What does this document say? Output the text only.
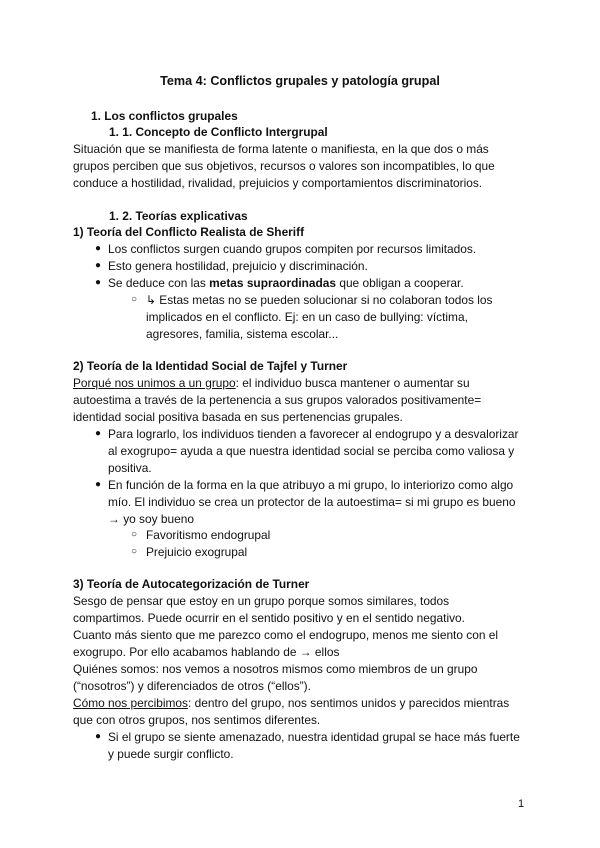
Tema 4: Conflictos grupales y patología grupal
1. Los conflictos grupales
1. 1. Concepto de Conflicto Intergrupal
Situación que se manifiesta de forma latente o manifiesta, en la que dos o más
grupos perciben que sus objetivos, recursos o valores son incompatibles, lo que
conduce a hostilidad, rivalidad, prejuicios y comportamientos discriminatorios.
1. 2. Teorías explicativas
1) Teoría del Conflicto Realista de Sheriff
● Los conflictos surgen cuando grupos compiten por recursos limitados.
● Esto genera hostilidad, prejuicio y discriminación.
● Se deduce con las metas supraordinadas que obligan a cooperar.
○ ↳ Estas metas no se pueden solucionar si no colaboran todos los
implicados en el conflicto. Ej: en un caso de bullying: víctima,
agresores, familia, sistema escolar...
2) Teoría de la Identidad Social de Tajfel y Turner
Porqué nos unimos a un grupo: el individuo busca mantener o aumentar su
autoestima a través de la pertenencia a sus grupos valorados positivamente=
identidad social positiva basada en sus pertenencias grupales.
● Para lograrlo, los individuos tienden a favorecer al endogrupo y a desvalorizar
al exogrupo= ayuda a que nuestra identidad social se perciba como valiosa y
positiva.
● En función de la forma en la que atribuyo a mi grupo, lo interiorizo como algo
mío. El individuo se crea un protector de la autoestima= si mi grupo es bueno
→ yo soy bueno
○ Favoritismo endogrupal
○ Prejuicio exogrupal
3) Teoría de Autocategorización de Turner
Sesgo de pensar que estoy en un grupo porque somos similares, todos
compartimos. Puede ocurrir en el sentido positivo y en el sentido negativo.
Cuanto más siento que me parezco como el endogrupo, menos me siento con el
exogrupo. Por ello acabamos hablando de → ellos
Quiénes somos: nos vemos a nosotros mismos como miembros de un grupo
(“nosotros”) y diferenciados de otros (“ellos”).
Cómo nos percibimos: dentro del grupo, nos sentimos unidos y parecidos mientras
que con otros grupos, nos sentimos diferentes.
● Si el grupo se siente amenazado, nuestra identidad grupal se hace más fuerte
y puede surgir conflicto.
1
